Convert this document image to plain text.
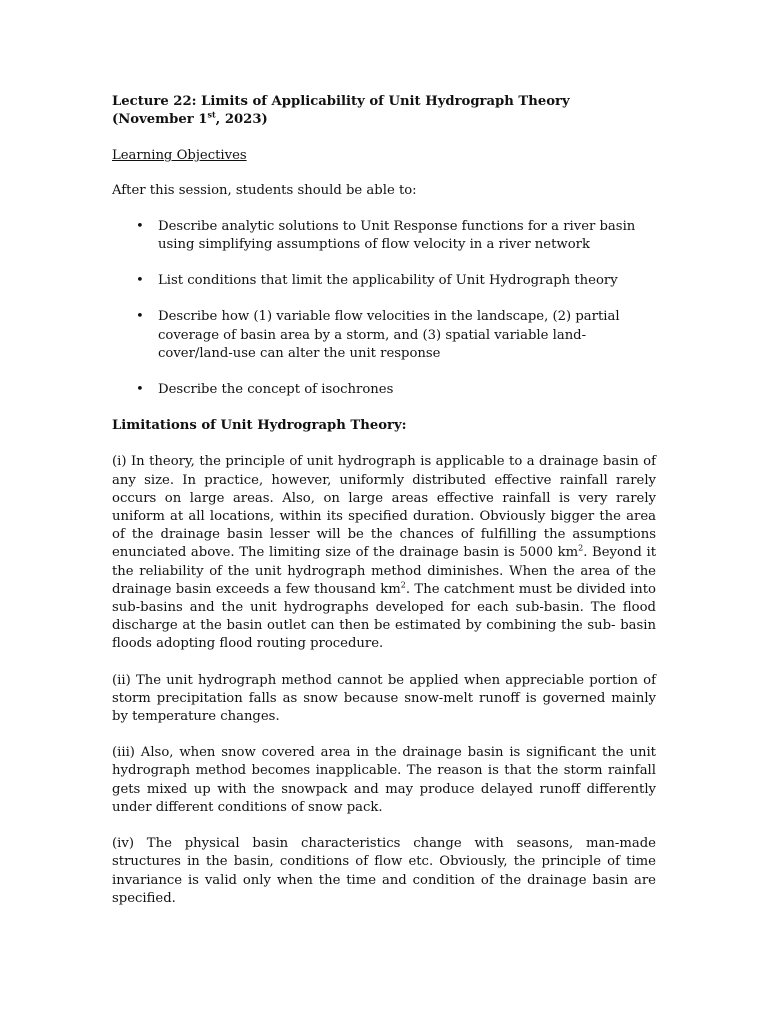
Lecture 22: Limits of Applicability of Unit Hydrograph Theory
(November 1st, 2023)

Learning Objectives

After this session, students should be able to:

• Describe analytic solutions to Unit Response functions for a river basin using simplifying assumptions of flow velocity in a river network
• List conditions that limit the applicability of Unit Hydrograph theory
• Describe how (1) variable flow velocities in the landscape, (2) partial coverage of basin area by a storm, and (3) spatial variable land-cover/land-use can alter the unit response
• Describe the concept of isochrones

Limitations of Unit Hydrograph Theory:

(i) In theory, the principle of unit hydrograph is applicable to a drainage basin of any size. In practice, however, uniformly distributed effective rainfall rarely occurs on large areas. Also, on large areas effective rainfall is very rarely uniform at all locations, within its specified duration. Obviously bigger the area of the drainage basin lesser will be the chances of fulfilling the assumptions enunciated above. The limiting size of the drainage basin is 5000 $km^2$. Beyond it the reliability of the unit hydrograph method diminishes. When the area of the drainage basin exceeds a few thousand $km^2$. The catchment must be divided into sub-basins and the unit hydrographs developed for each sub-basin. The flood discharge at the basin outlet can then be estimated by combining the sub- basin floods adopting flood routing procedure.

(ii) The unit hydrograph method cannot be applied when appreciable portion of storm precipitation falls as snow because snow-melt runoff is governed mainly by temperature changes.

(iii) Also, when snow covered area in the drainage basin is significant the unit hydrograph method becomes inapplicable. The reason is that the storm rainfall gets mixed up with the snowpack and may produce delayed runoff differently under different conditions of snow pack.

(iv) The physical basin characteristics change with seasons, man-made structures in the basin, conditions of flow etc. Obviously, the principle of time invariance is valid only when the time and condition of the drainage basin are specified.
